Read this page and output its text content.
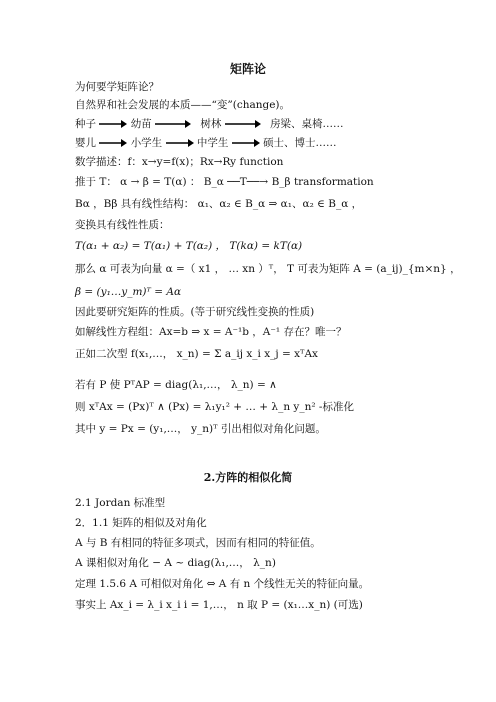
矩阵论
为何要学矩阵论？
自然界和社会发展的本质——“变”(change)。
种子	幼苗	树林	房梁、桌椅……
婴儿	小学生	中学生	硕士、博士……
数学描述：f：x→y=f(x)；Rx→Ry function
推于 T： α → β = T(α) ： B_α ──T──→ B_β transformation
Bα ，Bβ 具有线性结构： α₁、α₂ ∈ B_α ⇒ α₁、α₂ ∈ B_α ，
变换具有线性性质：
T(α₁ + α₂) = T(α₁) + T(α₂) ， T(kα) = kT(α)
那么 α 可表为向量 α =（ x1 ， … xn ）ᵀ， T 可表为矩阵 A = (a_ij)_{m×n} ，
β = (y₁…y_m)ᵀ = Aα
因此要研究矩阵的性质。(等于研究线性变换的性质)
如解线性方程组：Ax=b ⇒ x = A⁻¹b ，A⁻¹ 存在？唯一？
正如二次型 f(x₁,…， x_n) = Σ a_ij x_i x_j = xᵀAx
若有 P 使 PᵀAP = diag(λ₁,…， λ_n) = ∧
则 xᵀAx = (Px)ᵀ ∧ (Px) = λ₁y₁² + … + λ_n y_n² -标准化
其中 y = Px = (y₁,…， y_n)ᵀ 引出相似对角化问题。
2.方阵的相似化简
2.1 Jordan 标准型
2．1.1 矩阵的相似及对角化
A 与 B 有相同的特征多项式，因而有相同的特征值。
A 课相似对角化 − A ~ diag(λ₁,…， λ_n)
定理 1.5.6 A 可相似对角化 ⇔ A 有 n 个线性无关的特征向量。
事实上 Ax_i = λ_i x_i i = 1,…， n 取 P = (x₁…x_n) (可选)
